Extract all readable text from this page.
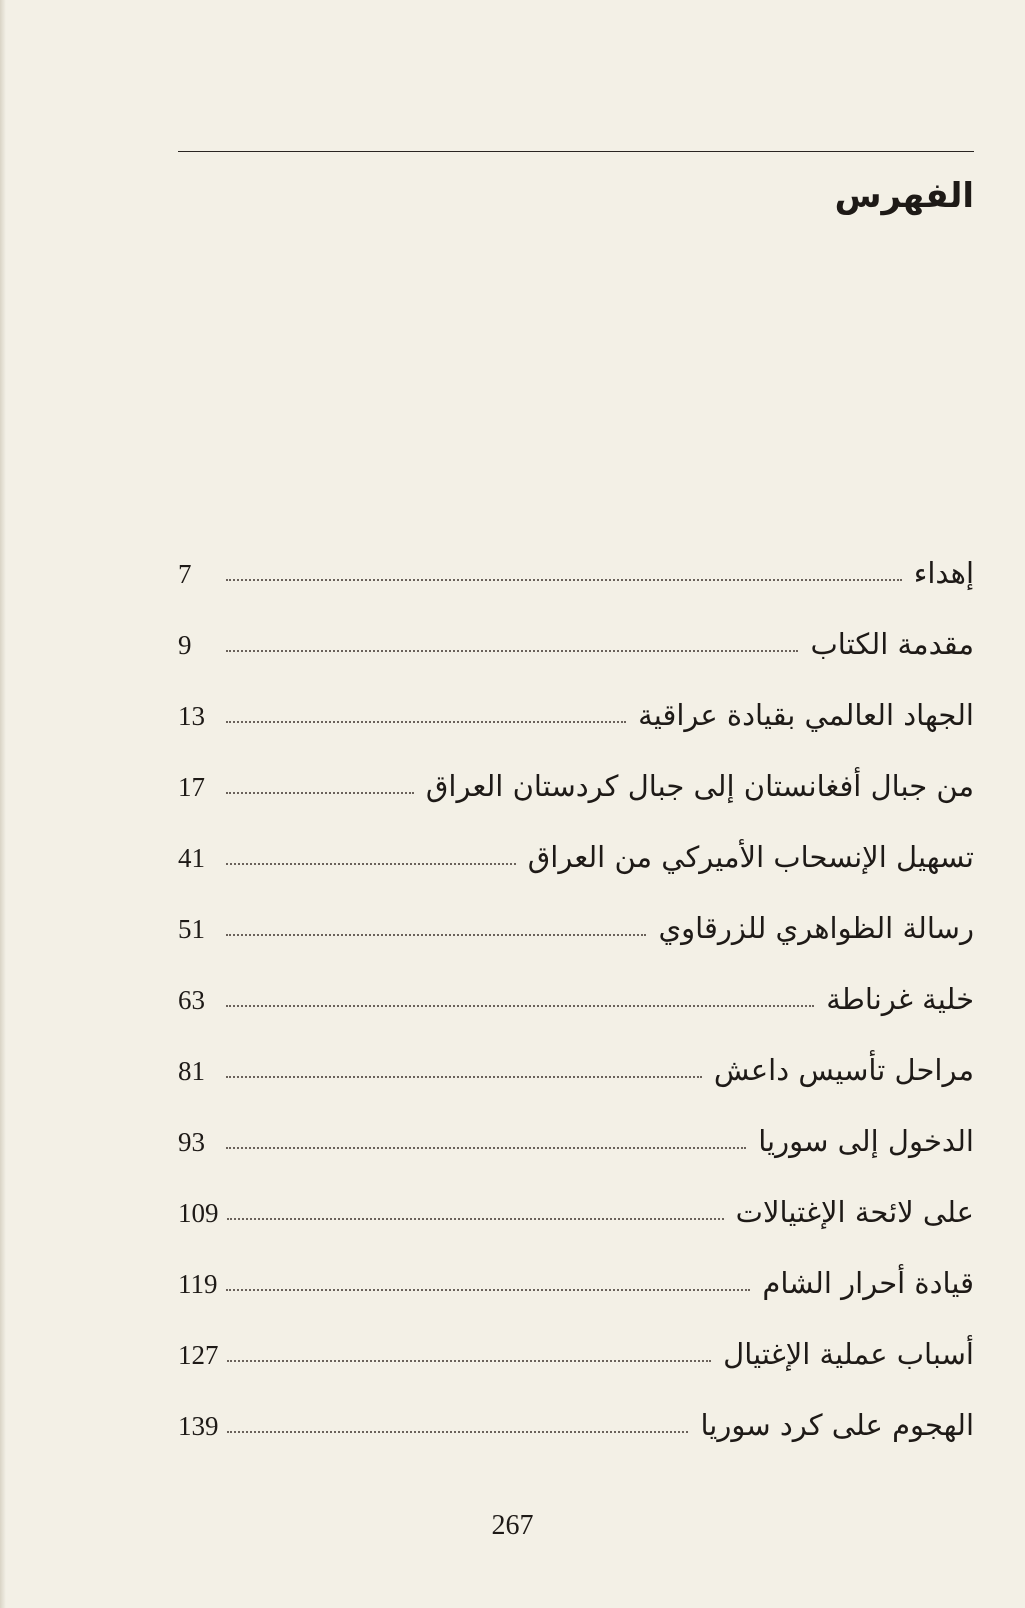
الفهرس
إهداء
7
مقدمة الكتاب
9
الجهاد العالمي بقيادة عراقية
13
من جبال أفغانستان إلى جبال كردستان العراق
17
تسهيل الإنسحاب الأميركي من العراق
41
رسالة الظواهري للزرقاوي
51
خلية غرناطة
63
مراحل تأسيس داعش
81
الدخول إلى سوريا
93
على لائحة الإغتيالات
109
قيادة أحرار الشام
119
أسباب عملية الإغتيال
127
الهجوم على كرد سوريا
139
267
